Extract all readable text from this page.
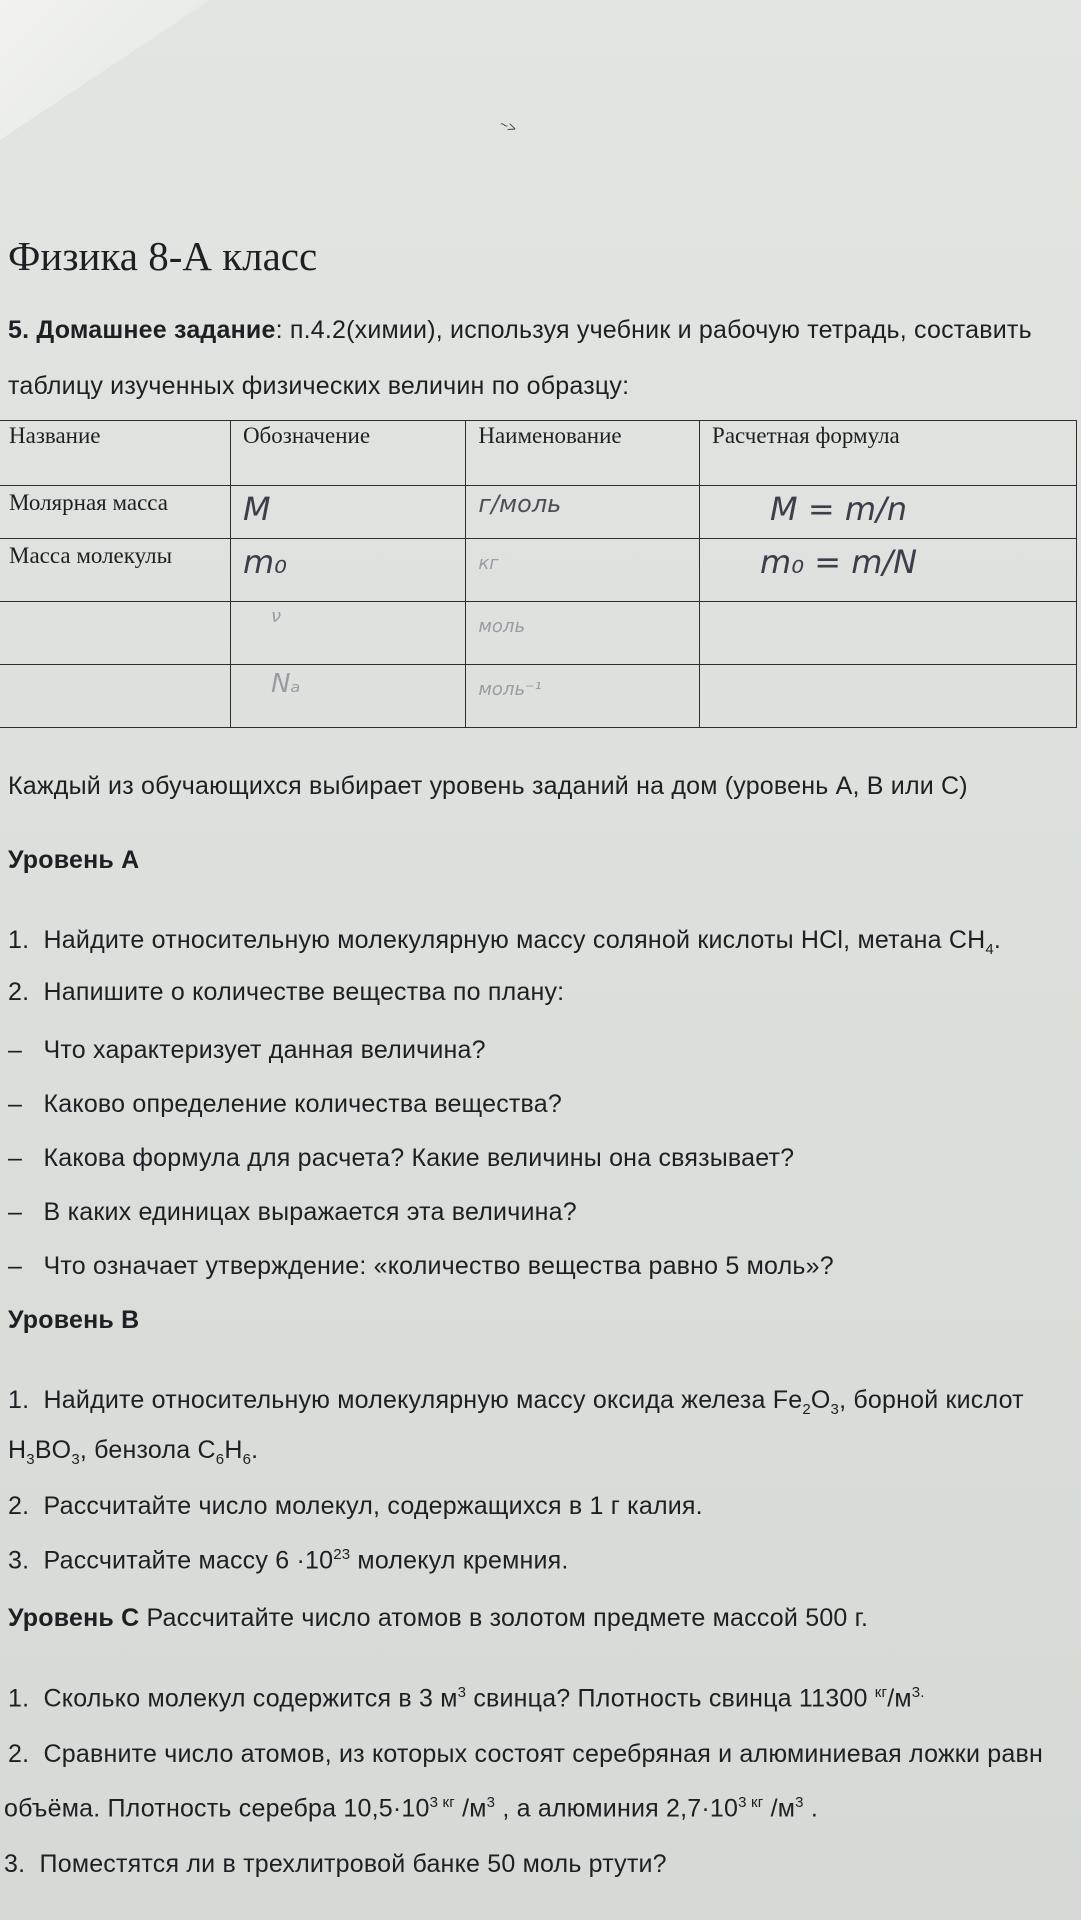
~>
Физика 8-А класс
5. Домашнее задание: п.4.2(химии), используя учебник и рабочую тетрадь, составить
таблицу изученных физических величин по образцу:
Название	Обозначение	Наименование	Расчетная формула
Молярная масса	M	г/моль	M = m/n
Масса молекулы	m₀	кг	m₀ = m/N
	ν	моль	
	Nₐ	моль⁻¹	
Каждый из обучающихся выбирает уровень заданий на дом (уровень А, В или С)
Уровень А
1. Найдите относительную молекулярную массу соляной кислоты HCl, метана $CH_4$.
2. Напишите о количестве вещества по плану:
– Что характеризует данная величина?
– Каково определение количества вещества?
– Какова формула для расчета? Какие величины она связывает?
– В каких единицах выражается эта величина?
– Что означает утверждение: «количество вещества равно 5 моль»?
Уровень В
1. Найдите относительную молекулярную массу оксида железа $Fe_2O_3$, борной кислот
$H_3BO_3$, бензола $C_6H_6$.
2. Рассчитайте число молекул, содержащихся в 1 г калия.
3. Рассчитайте массу $6 \cdot 10^{23}$ молекул кремния.
Уровень С Рассчитайте число атомов в золотом предмете массой 500 г.
1. Сколько молекул содержится в 3 $м^3$ свинца? Плотность свинца 11300 $^{кг}/м^{3.}$
2. Сравните число атомов, из которых состоят серебряная и алюминиевая ложки равн
объёма. Плотность серебра $10,5\cdot 10^3$ $^{кг}$ $/м^3$ , а алюминия $2,7\cdot 10^3$ $^{кг}$ $/м^3$ .
3. Поместятся ли в трехлитровой банке 50 моль ртути?
